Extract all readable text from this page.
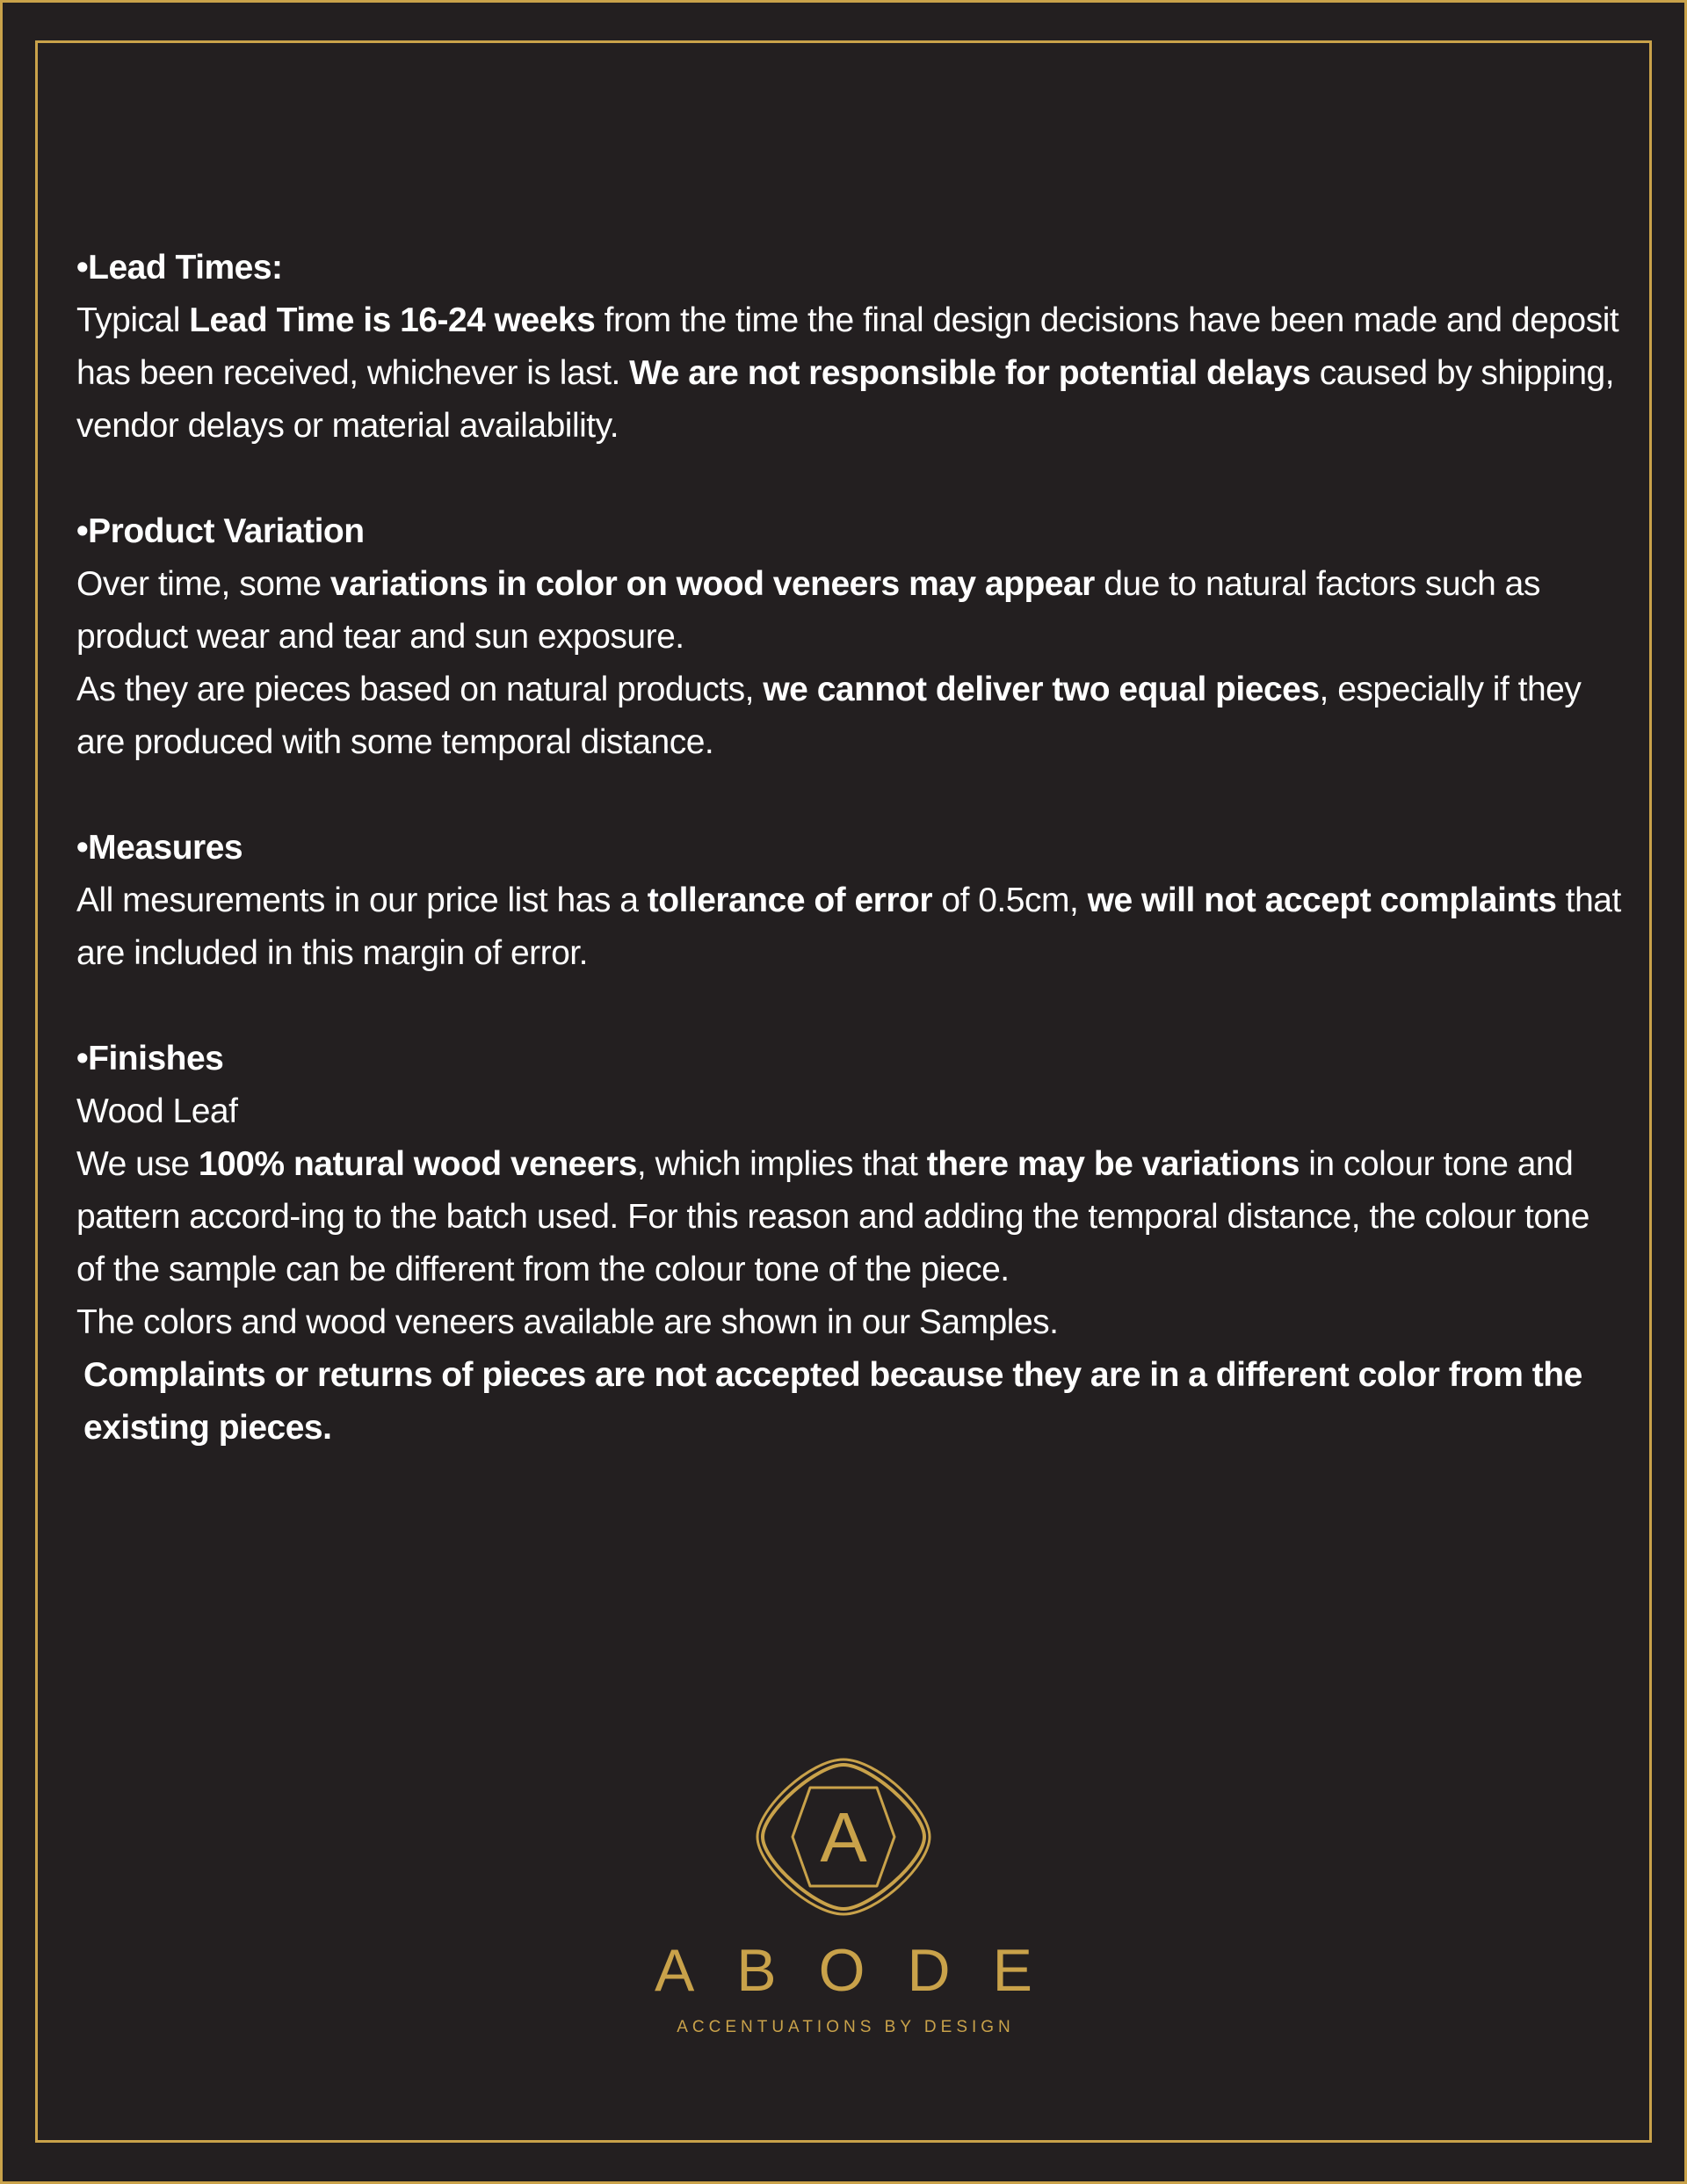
•Lead Times:

Typical Lead Time is 16-24 weeks from the time the final design decisions have been made and deposit has been received, whichever is last. We are not responsible for potential delays caused by shipping, vendor delays or material availability.

•Product Variation

Over time, some variations in color on wood veneers may appear due to natural factors such as product wear and tear and sun exposure.

As they are pieces based on natural products, we cannot deliver two equal pieces, especially if they are produced with some temporal distance.

•Measures

All mesurements in our price list has a tollerance of error of 0.5cm, we will not accept complaints that are included in this margin of error.

•Finishes

Wood Leaf

We use 100% natural wood veneers, which implies that there may be variations in colour tone and pattern accord-ing to the batch used. For this reason and adding the temporal distance, the colour tone of the sample can be different from the colour tone of the piece.

The colors and wood veneers available are shown in our Samples.

Complaints or returns of pieces are not accepted because they are in a different color from the existing pieces.

A
ABODE
ACCENTUATIONS BY DESIGN
